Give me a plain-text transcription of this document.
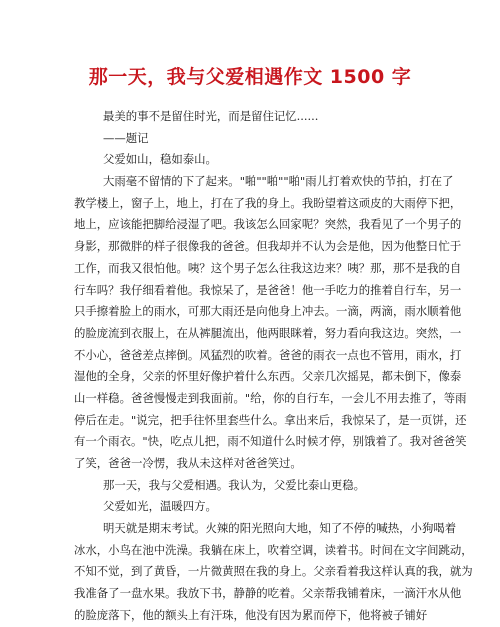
那一天，我与父爱相遇作文 1500 字

最美的事不是留住时光，而是留住记忆......

——题记

父爱如山，稳如泰山。

大雨毫不留情的下了起来。"啪""啪""啪"雨儿打着欢快的节拍，打在了

教学楼上，窗子上，地上，打在了我的身上。我盼望着这顽皮的大雨停下把，

地上，应该能把脚给浸湿了吧。我该怎么回家呢？突然，我看见了一个男子的

身影，那微胖的样子很像我的爸爸。但我却并不认为会是他，因为他整日忙于

工作，而我又很怕他。咦？这个男子怎么往我这边来？咦？那，那不是我的自

行车吗？我仔细看着他。我惊呆了，是爸爸！他一手吃力的推着自行车，另一

只手擦着脸上的雨水，可那大雨还是向他身上冲去。一滴，两滴，雨水顺着他

的脸庞流到衣服上，在从裤腿流出，他两眼眯着，努力看向我这边。突然，一

不小心，爸爸差点摔倒。风猛烈的吹着。爸爸的雨衣一点也不管用，雨水，打

湿他的全身，父亲的怀里好像护着什么东西。父亲几次摇晃，都未倒下，像泰

山一样稳。爸爸慢慢走到我面前。"给，你的自行车，一会儿不用去推了，等雨

停后在走。"说完，把手往怀里套些什么。拿出来后，我惊呆了，是一页饼，还

有一个雨衣。"快，吃点儿把，雨不知道什么时候才停，别饿着了。我对爸爸笑

了笑，爸爸一冷愣，我从未这样对爸爸笑过。

那一天，我与父爱相遇。我认为，父爱比泰山更稳。

父爱如光，温暖四方。

明天就是期末考试。火辣的阳光照向大地，知了不停的喊热，小狗喝着

冰水，小鸟在池中洗澡。我躺在床上，吹着空调，读着书。时间在文字间跳动，

不知不觉，到了黄昏，一片微黄照在我的身上。父亲看着我这样认真的我，就为

我准备了一盘水果。我放下书，静静的吃着。父亲帮我铺着床，一滴汗水从他

的脸庞落下，他的额头上有汗珠，他没有因为累而停下，他将被子铺好
